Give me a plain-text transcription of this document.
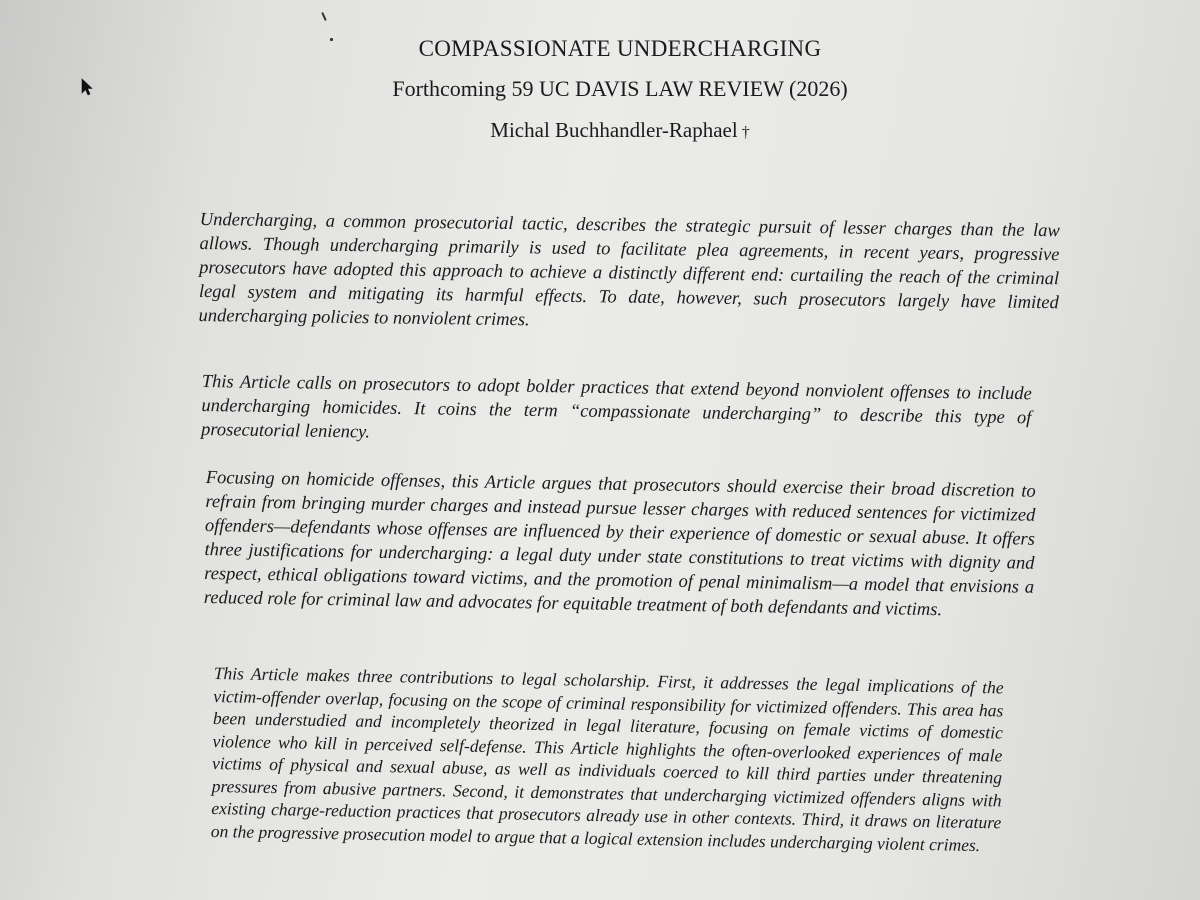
COMPASSIONATE UNDERCHARGING
Forthcoming 59 UC DAVIS LAW REVIEW (2026)
Michal Buchhandler-Raphael †

Undercharging, a common prosecutorial tactic, describes the strategic pursuit of lesser charges than the law allows. Though undercharging primarily is used to facilitate plea agreements, in recent years, progressive prosecutors have adopted this approach to achieve a distinctly different end: curtailing the reach of the criminal legal system and mitigating its harmful effects. To date, however, such prosecutors largely have limited undercharging policies to nonviolent crimes.

This Article calls on prosecutors to adopt bolder practices that extend beyond nonviolent offenses to include undercharging homicides. It coins the term “compassionate undercharging” to describe this type of prosecutorial leniency.

Focusing on homicide offenses, this Article argues that prosecutors should exercise their broad discretion to refrain from bringing murder charges and instead pursue lesser charges with reduced sentences for victimized offenders—defendants whose offenses are influenced by their experience of domestic or sexual abuse. It offers three justifications for undercharging: a legal duty under state constitutions to treat victims with dignity and respect, ethical obligations toward victims, and the promotion of penal minimalism—a model that envisions a reduced role for criminal law and advocates for equitable treatment of both defendants and victims.

This Article makes three contributions to legal scholarship. First, it addresses the legal implications of the victim-offender overlap, focusing on the scope of criminal responsibility for victimized offenders. This area has been understudied and incompletely theorized in legal literature, focusing on female victims of domestic violence who kill in perceived self-defense. This Article highlights the often-overlooked experiences of male victims of physical and sexual abuse, as well as individuals coerced to kill third parties under threatening pressures from abusive partners. Second, it demonstrates that undercharging victimized offenders aligns with existing charge-reduction practices that prosecutors already use in other contexts. Third, it draws on literature on the progressive prosecution model to argue that a logical extension includes undercharging violent crimes.
